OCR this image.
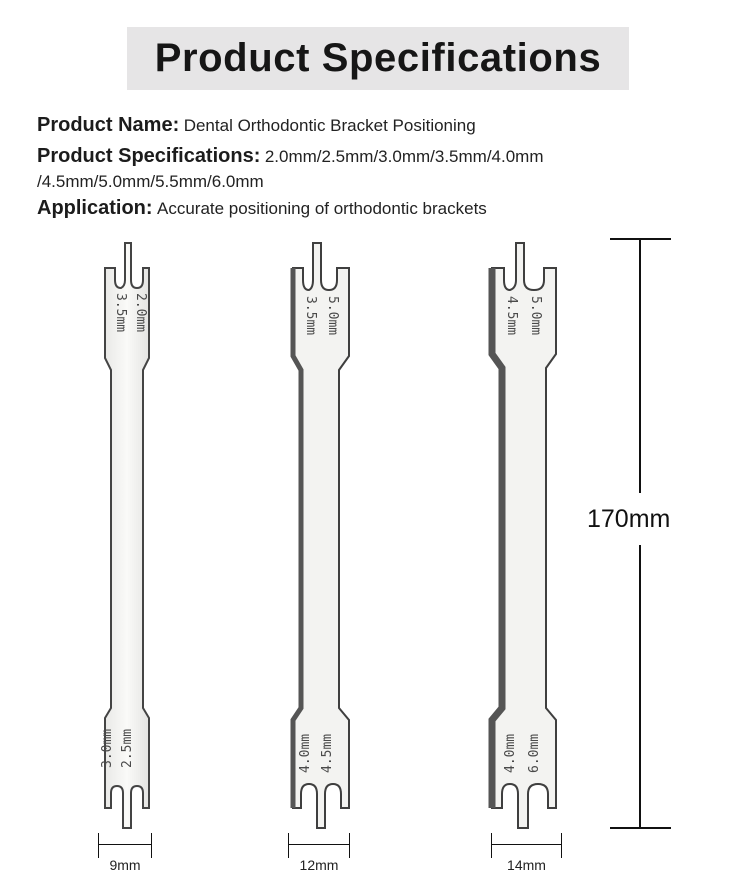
Product Specifications
Product Name: Dental Orthodontic Bracket Positioning
Product Specifications: 2.0mm/2.5mm/3.0mm/3.5mm/4.0mm
/4.5mm/5.0mm/5.5mm/6.0mm
Application: Accurate positioning of orthodontic brackets
3.5mm 2.0mm
3.0mm 2.5mm
3.5mm 5.0mm
4.0mm 4.5mm
4.5mm 5.0mm
4.0mm 6.0mm
9mm	12mm	14mm
170mm
